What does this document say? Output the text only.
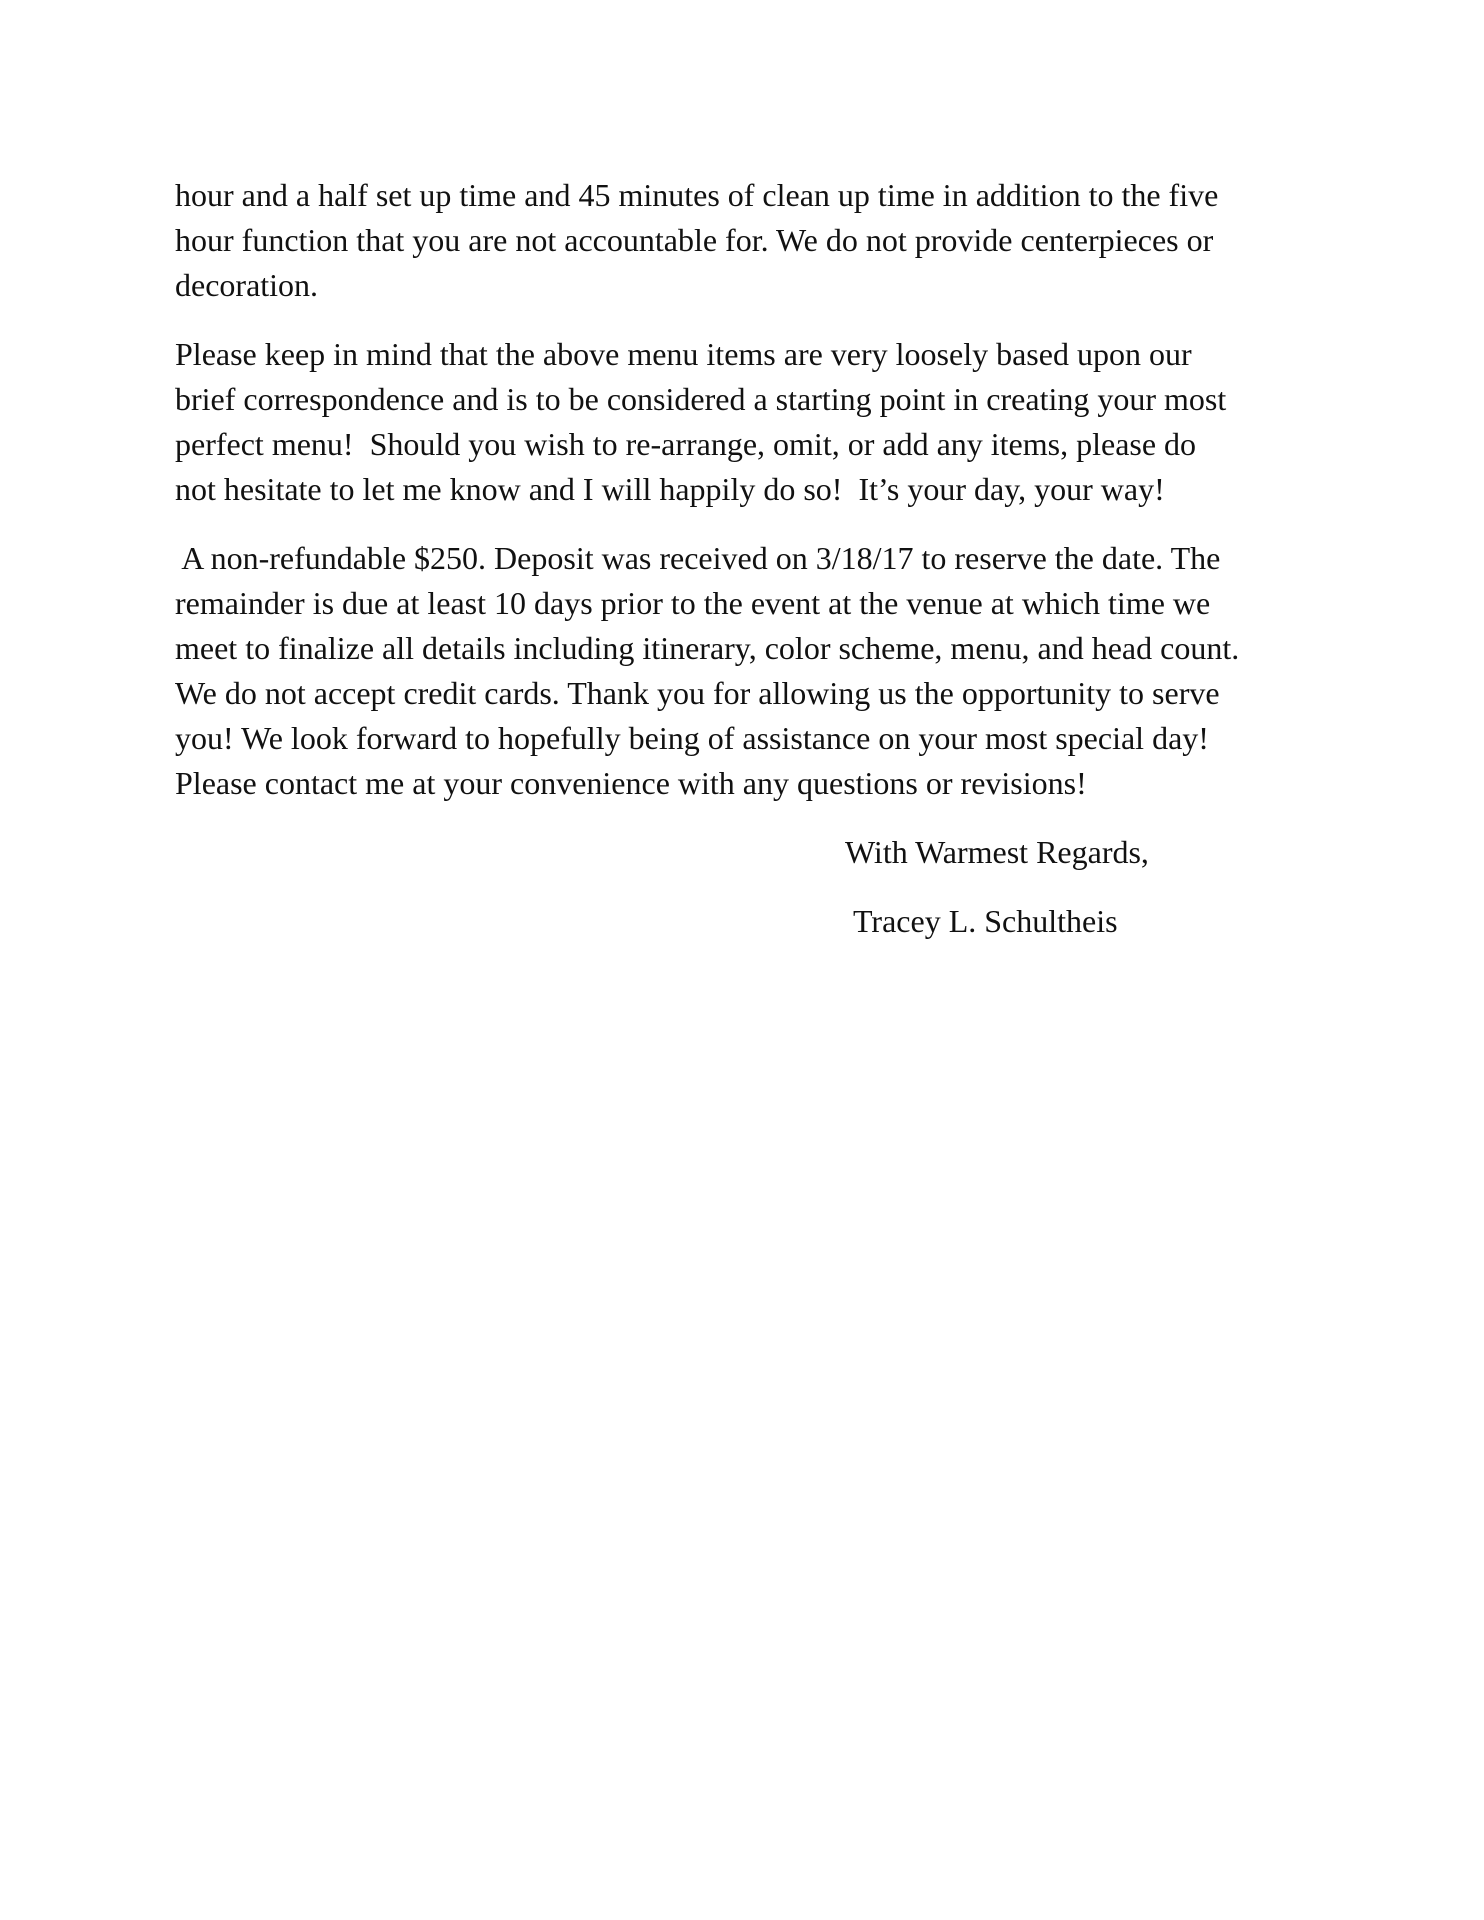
hour and a half set up time and 45 minutes of clean up time in addition to the five
hour function that you are not accountable for. We do not provide centerpieces or
decoration.

Please keep in mind that the above menu items are very loosely based upon our
brief correspondence and is to be considered a starting point in creating your most
perfect menu!  Should you wish to re-arrange, omit, or add any items, please do
not hesitate to let me know and I will happily do so!  It’s your day, your way!

A non-refundable $250. Deposit was received on 3/18/17 to reserve the date. The
remainder is due at least 10 days prior to the event at the venue at which time we
meet to finalize all details including itinerary, color scheme, menu, and head count.
We do not accept credit cards. Thank you for allowing us the opportunity to serve
you! We look forward to hopefully being of assistance on your most special day!
Please contact me at your convenience with any questions or revisions!

With Warmest Regards,
Tracey L. Schultheis
